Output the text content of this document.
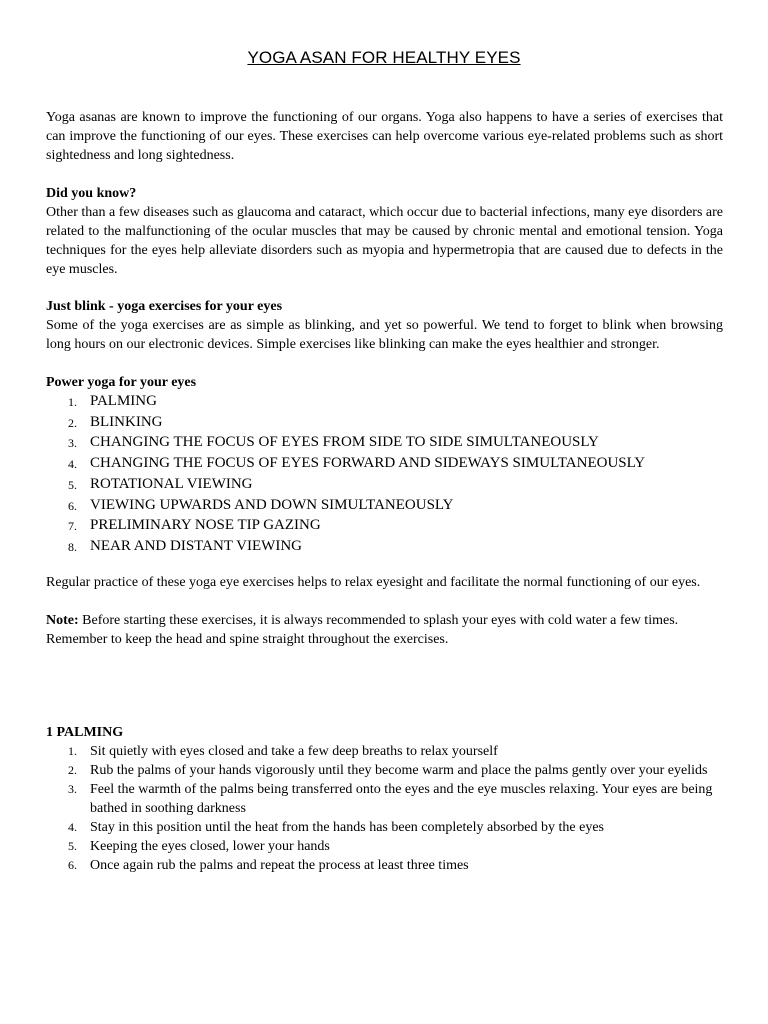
YOGA ASAN FOR HEALTHY EYES
Yoga asanas are known to improve the functioning of our organs. Yoga also happens to have a series of exercises that can improve the functioning of our eyes. These exercises can help overcome various eye-related problems such as short sightedness and long sightedness.
Did you know?
Other than a few diseases such as glaucoma and cataract, which occur due to bacterial infections, many eye disorders are related to the malfunctioning of the ocular muscles that may be caused by chronic mental and emotional tension. Yoga techniques for the eyes help alleviate disorders such as myopia and hypermetropia that are caused due to defects in the eye muscles.
Just blink - yoga exercises for your eyes
Some of the yoga exercises are as simple as blinking, and yet so powerful. We tend to forget to blink when browsing long hours on our electronic devices. Simple exercises like blinking can make the eyes healthier and stronger.
Power yoga for your eyes
1. PALMING
2. BLINKING
3. CHANGING THE FOCUS OF EYES FROM SIDE TO SIDE SIMULTANEOUSLY
4. CHANGING THE FOCUS OF EYES FORWARD AND SIDEWAYS SIMULTANEOUSLY
5. ROTATIONAL VIEWING
6. VIEWING UPWARDS AND DOWN SIMULTANEOUSLY
7. PRELIMINARY NOSE TIP GAZING
8. NEAR AND DISTANT VIEWING
Regular practice of these yoga eye exercises helps to relax eyesight and facilitate the normal functioning of our eyes.
Note: Before starting these exercises, it is always recommended to splash your eyes with cold water a few times. Remember to keep the head and spine straight throughout the exercises.
1 PALMING
1. Sit quietly with eyes closed and take a few deep breaths to relax yourself
2. Rub the palms of your hands vigorously until they become warm and place the palms gently over your eyelids
3. Feel the warmth of the palms being transferred onto the eyes and the eye muscles relaxing. Your eyes are being bathed in soothing darkness
4. Stay in this position until the heat from the hands has been completely absorbed by the eyes
5. Keeping the eyes closed, lower your hands
6. Once again rub the palms and repeat the process at least three times
